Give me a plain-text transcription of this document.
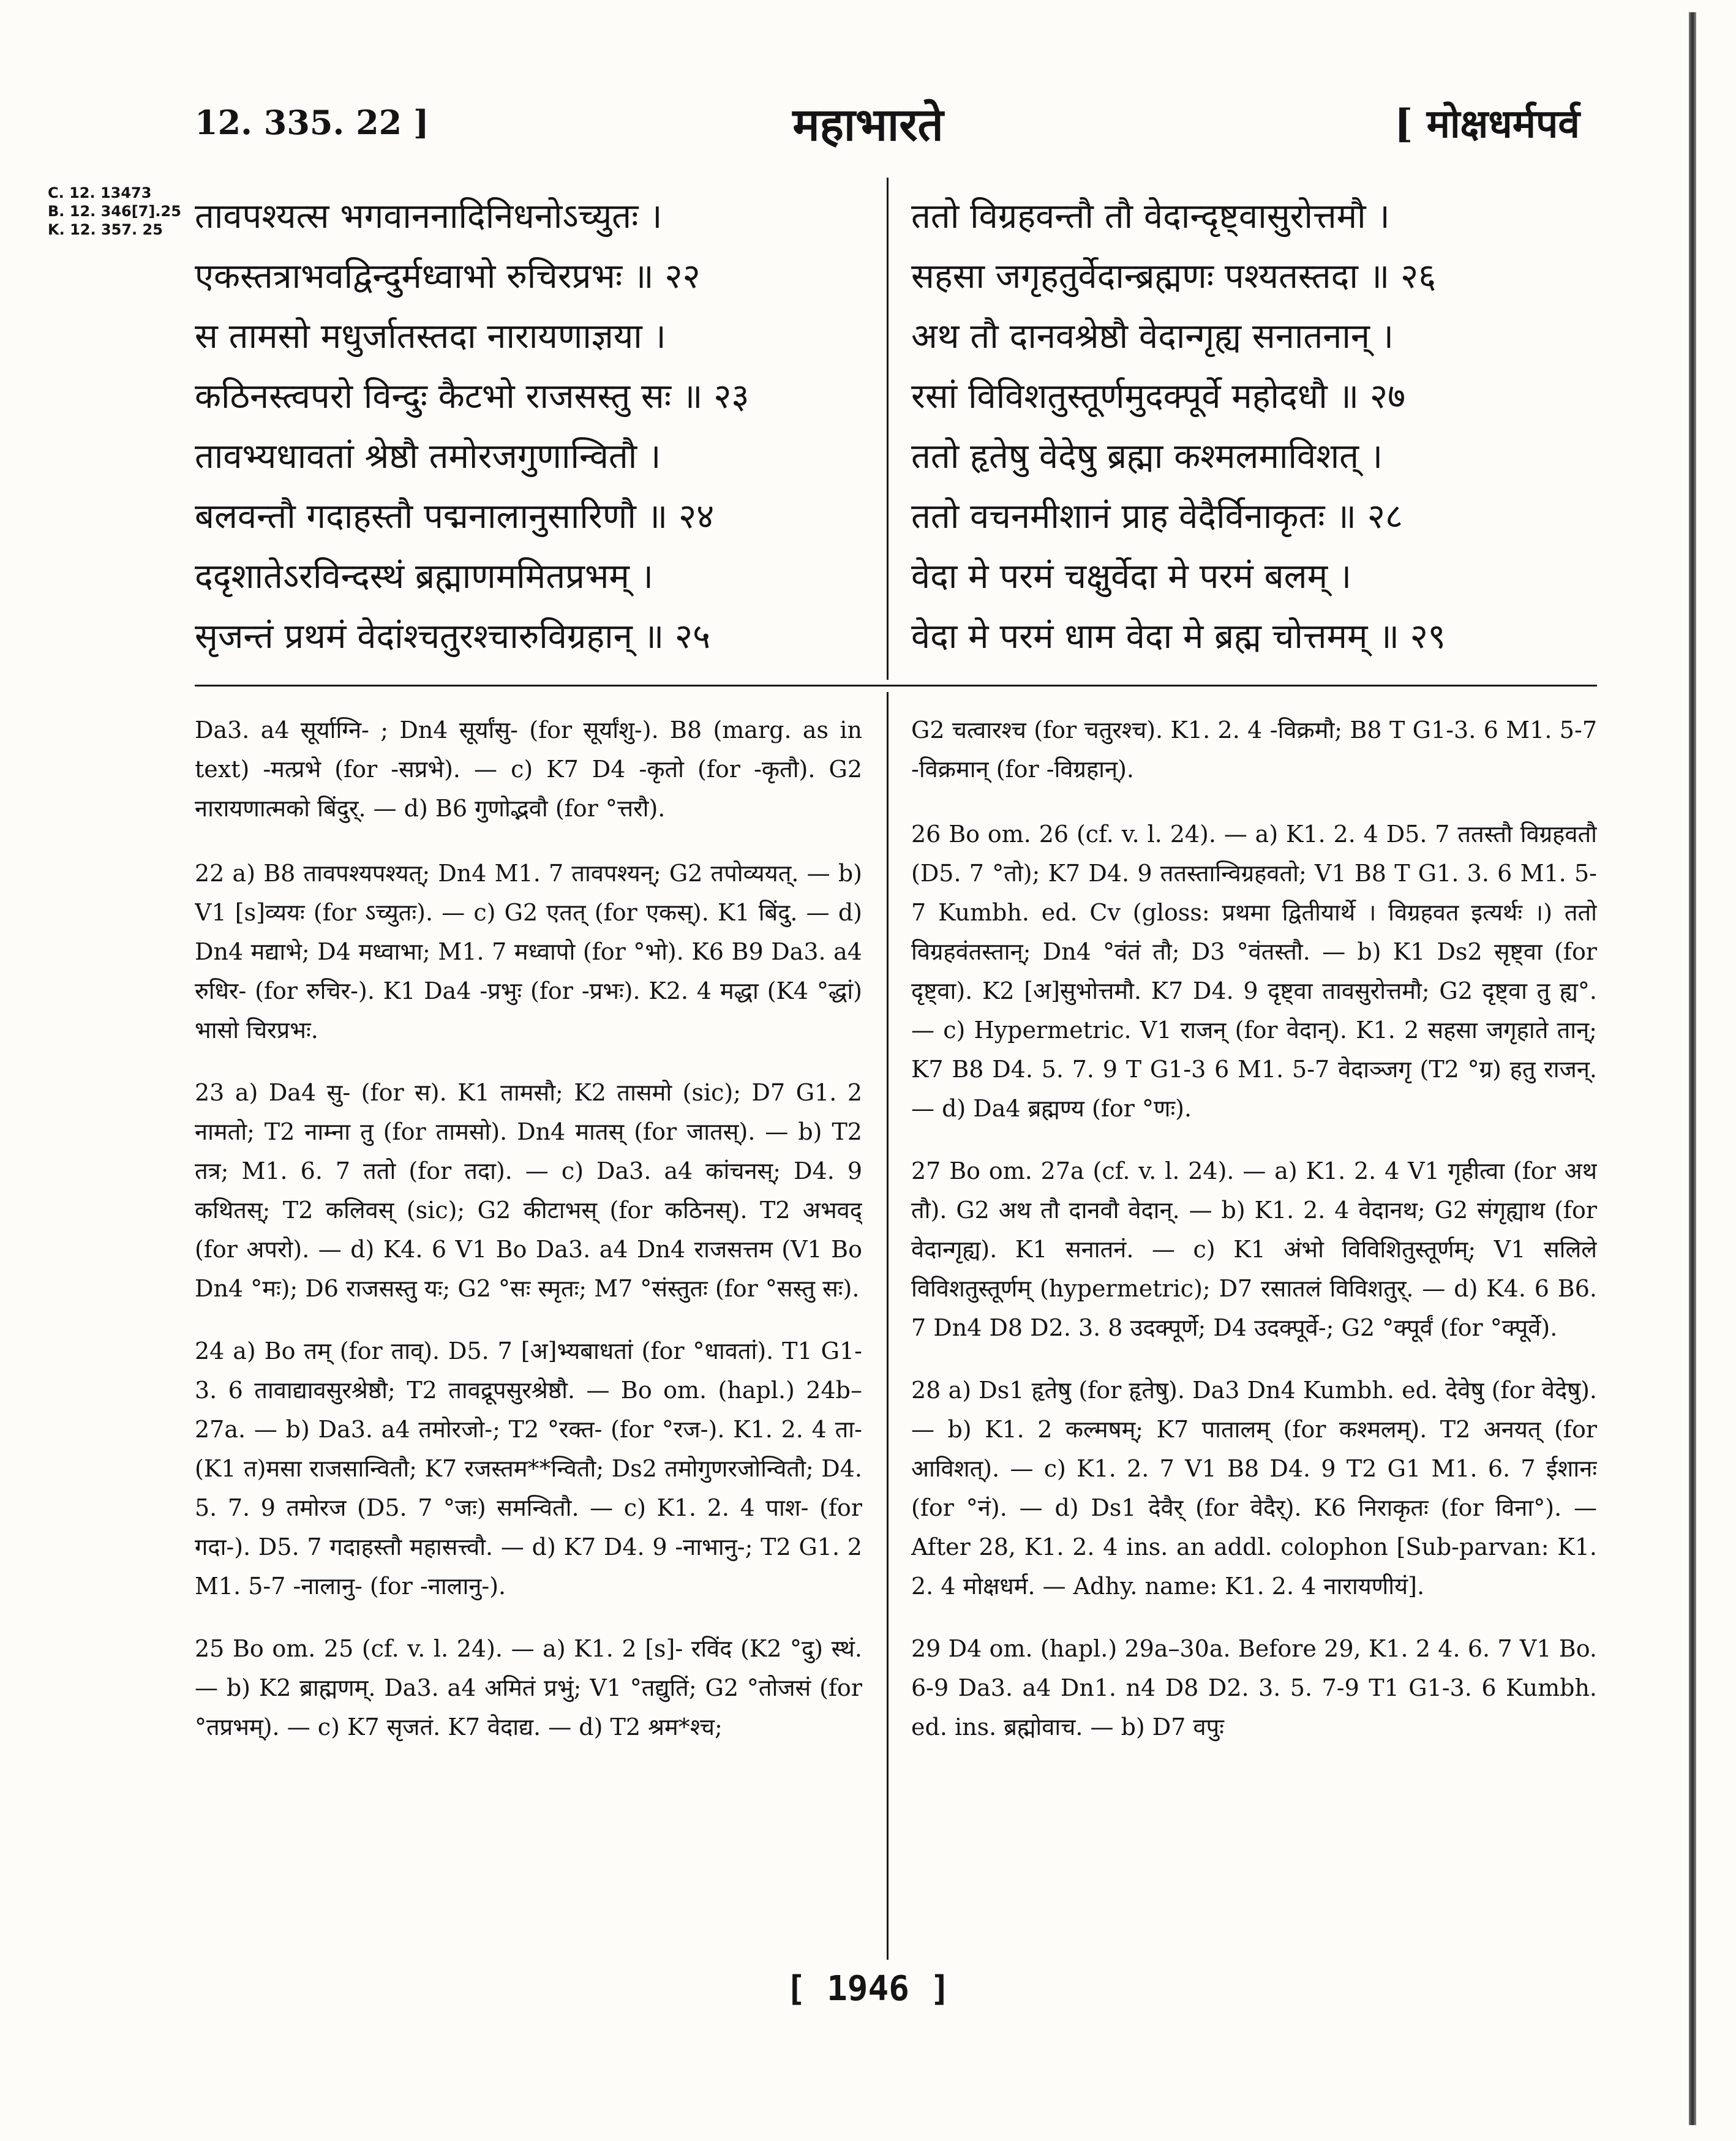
12. 335. 22 ]	महाभारते	[ मोक्षधर्मपर्व
C. 12. 13473
B. 12. 346[7].25
K. 12. 357. 25 तावपश्यत्स भगवाननादिनिधनोऽच्युतः ।
एकस्तत्राभवद्विन्दुर्मध्वाभो रुचिरप्रभः ॥ २२
स तामसो मधुर्जातस्तदा नारायणाज्ञया ।
कठिनस्त्वपरो विन्दुः कैटभो राजसस्तु सः ॥ २३
तावभ्यधावतां श्रेष्ठौ तमोरजगुणान्वितौ ।
बलवन्तौ गदाहस्तौ पद्मनालानुसारिणौ ॥ २४
ददृशातेऽरविन्दस्थं ब्रह्माणममितप्रभम् ।
सृजन्तं प्रथमं वेदांश्चतुरश्चारुविग्रहान् ॥ २५
ततो विग्रहवन्तौ तौ वेदान्दृष्ट्वासुरोत्तमौ ।
सहसा जगृहतुर्वेदान्ब्रह्मणः पश्यतस्तदा ॥ २६
अथ तौ दानवश्रेष्ठौ वेदान्गृह्य सनातनान् ।
रसां विविशतुस्तूर्णमुदक्पूर्वे महोदधौ ॥ २७
ततो हृतेषु वेदेषु ब्रह्मा कश्मलमाविशत् ।
ततो वचनमीशानं प्राह वेदैर्विनाकृतः ॥ २८
वेदा मे परमं चक्षुर्वेदा मे परमं बलम् ।
वेदा मे परमं धाम वेदा मे ब्रह्म चोत्तमम् ॥ २९

Da3. a4 सूर्याग्नि- ; Dn4 सूर्यांसु- (for सूर्यांशु-). B8 (marg. as in text) -मत्प्रभे (for -सप्रभे). — c) K7 D4 -कृतो (for -कृतौ). G2 नारायणात्मको बिंदुर्. — d) B6 गुणोद्भवौ (for °त्तरौ).

22 a) B8 तावपश्यपश्यत्; Dn4 M1. 7 तावपश्यन्; G2 तपोव्ययत्. — b) V1 [s]व्ययः (for ऽच्युतः). — c) G2 एतत् (for एकस्). K1 बिंदु. — d) Dn4 मद्याभे; D4 मध्वाभा; M1. 7 मध्वापो (for °भो). K6 B9 Da3. a4 रुधिर- (for रुचिर-). K1 Da4 -प्रभुः (for -प्रभः). K2. 4 मद्धा (K4 °द्धां) भासो चिरप्रभः.

23 a) Da4 सु- (for स). K1 तामसौ; K2 तासमो (sic); D7 G1. 2 नामतो; T2 नाम्ना तु (for तामसो). Dn4 मातस् (for जातस्). — b) T2 तत्र; M1. 6. 7 ततो (for तदा). — c) Da3. a4 कांचनस्; D4. 9 कथितस्; T2 कलिवस् (sic); G2 कीटाभस् (for कठिनस्). T2 अभवद् (for अपरो). — d) K4. 6 V1 Bo Da3. a4 Dn4 राजसत्तम (V1 Bo Dn4 °मः); D6 राजसस्तु यः; G2 °सः स्मृतः; M7 °संस्तुतः (for °सस्तु सः).

24 a) Bo तम् (for ताव्). D5. 7 [अ]भ्यबाधतां (for °धावतां). T1 G1-3. 6 तावाद्यावसुरश्रेष्ठौ; T2 तावद्रूपसुरश्रेष्ठौ. — Bo om. (hapl.) 24b–27a. — b) Da3. a4 तमोरजो-; T2 °रक्त- (for °रज-). K1. 2. 4 ता- (K1 त)मसा राजसान्वितौ; K7 रजस्तम**न्वितौ; Ds2 तमोगुणरजोन्वितौ; D4. 5. 7. 9 तमोरज (D5. 7 °जः) समन्वितौ. — c) K1. 2. 4 पाश- (for गदा-). D5. 7 गदाहस्तौ महासत्त्वौ. — d) K7 D4. 9 -नाभानु-; T2 G1. 2 M1. 5-7 -नालानु- (for -नालानु-).

25 Bo om. 25 (cf. v. l. 24). — a) K1. 2 [s]- रविंद (K2 °दु) स्थं. — b) K2 ब्राह्मणम्. Da3. a4 अमितं प्रभुं; V1 °तद्युतिं; G2 °तोजसं (for °तप्रभम्). — c) K7 सृजतं. K7 वेदाद्य. — d) T2 श्रम*श्च;

G2 चत्वारश्च (for चतुरश्च). K1. 2. 4 -विक्रमौ; B8 T G1-3. 6 M1. 5-7 -विक्रमान् (for -विग्रहान्).

26 Bo om. 26 (cf. v. l. 24). — a) K1. 2. 4 D5. 7 ततस्तौ विग्रहवतौ (D5. 7 °तो); K7 D4. 9 ततस्तान्विग्रहवतो; V1 B8 T G1. 3. 6 M1. 5-7 Kumbh. ed. Cv (gloss: प्रथमा द्वितीयार्थे । विग्रहवत इत्यर्थः ।) ततो विग्रहवंतस्तान्; Dn4 °वंतं तौ; D3 °वंतस्तौ. — b) K1 Ds2 सृष्ट्वा (for दृष्ट्वा). K2 [अ]सुभोत्तमौ. K7 D4. 9 दृष्ट्वा तावसुरोत्तमौ; G2 दृष्ट्वा तु ह्य°. — c) Hypermetric. V1 राजन् (for वेदान्). K1. 2 सहसा जगृहाते तान्; K7 B8 D4. 5. 7. 9 T G1-3 6 M1. 5-7 वेदाञ्जगृ (T2 °ग्र) हतु राजन्. — d) Da4 ब्रह्मण्य (for °णः).

27 Bo om. 27a (cf. v. l. 24). — a) K1. 2. 4 V1 गृहीत्वा (for अथ तौ). G2 अथ तौ दानवौ वेदान्. — b) K1. 2. 4 वेदानथ; G2 संगृह्याथ (for वेदान्गृह्य). K1 सनातनं. — c) K1 अंभो विविशितुस्तूर्णम्; V1 सलिले विविशतुस्तूर्णम् (hypermetric); D7 रसातलं विविशतुर्. — d) K4. 6 B6. 7 Dn4 D8 D2. 3. 8 उदक्पूर्णे; D4 उदक्पूर्वे-; G2 °क्पूर्वं (for °क्पूर्वे).

28 a) Ds1 हृतेषु (for हृतेषु). Da3 Dn4 Kumbh. ed. देवेषु (for वेदेषु). — b) K1. 2 कल्मषम्; K7 पातालम् (for कश्मलम्). T2 अनयत् (for आविशत्). — c) K1. 2. 7 V1 B8 D4. 9 T2 G1 M1. 6. 7 ईशानः (for °नं). — d) Ds1 देवैर् (for वेदैर्). K6 निराकृतः (for विना°). — After 28, K1. 2. 4 ins. an addl. colophon [Sub-parvan: K1. 2. 4 मोक्षधर्म. — Adhy. name: K1. 2. 4 नारायणीयं].

29 D4 om. (hapl.) 29a–30a. Before 29, K1. 2 4. 6. 7 V1 Bo. 6-9 Da3. a4 Dn1. n4 D8 D2. 3. 5. 7-9 T1 G1-3. 6 Kumbh. ed. ins. ब्रह्मोवाच. — b) D7 वपुः

[ 1946 ]
